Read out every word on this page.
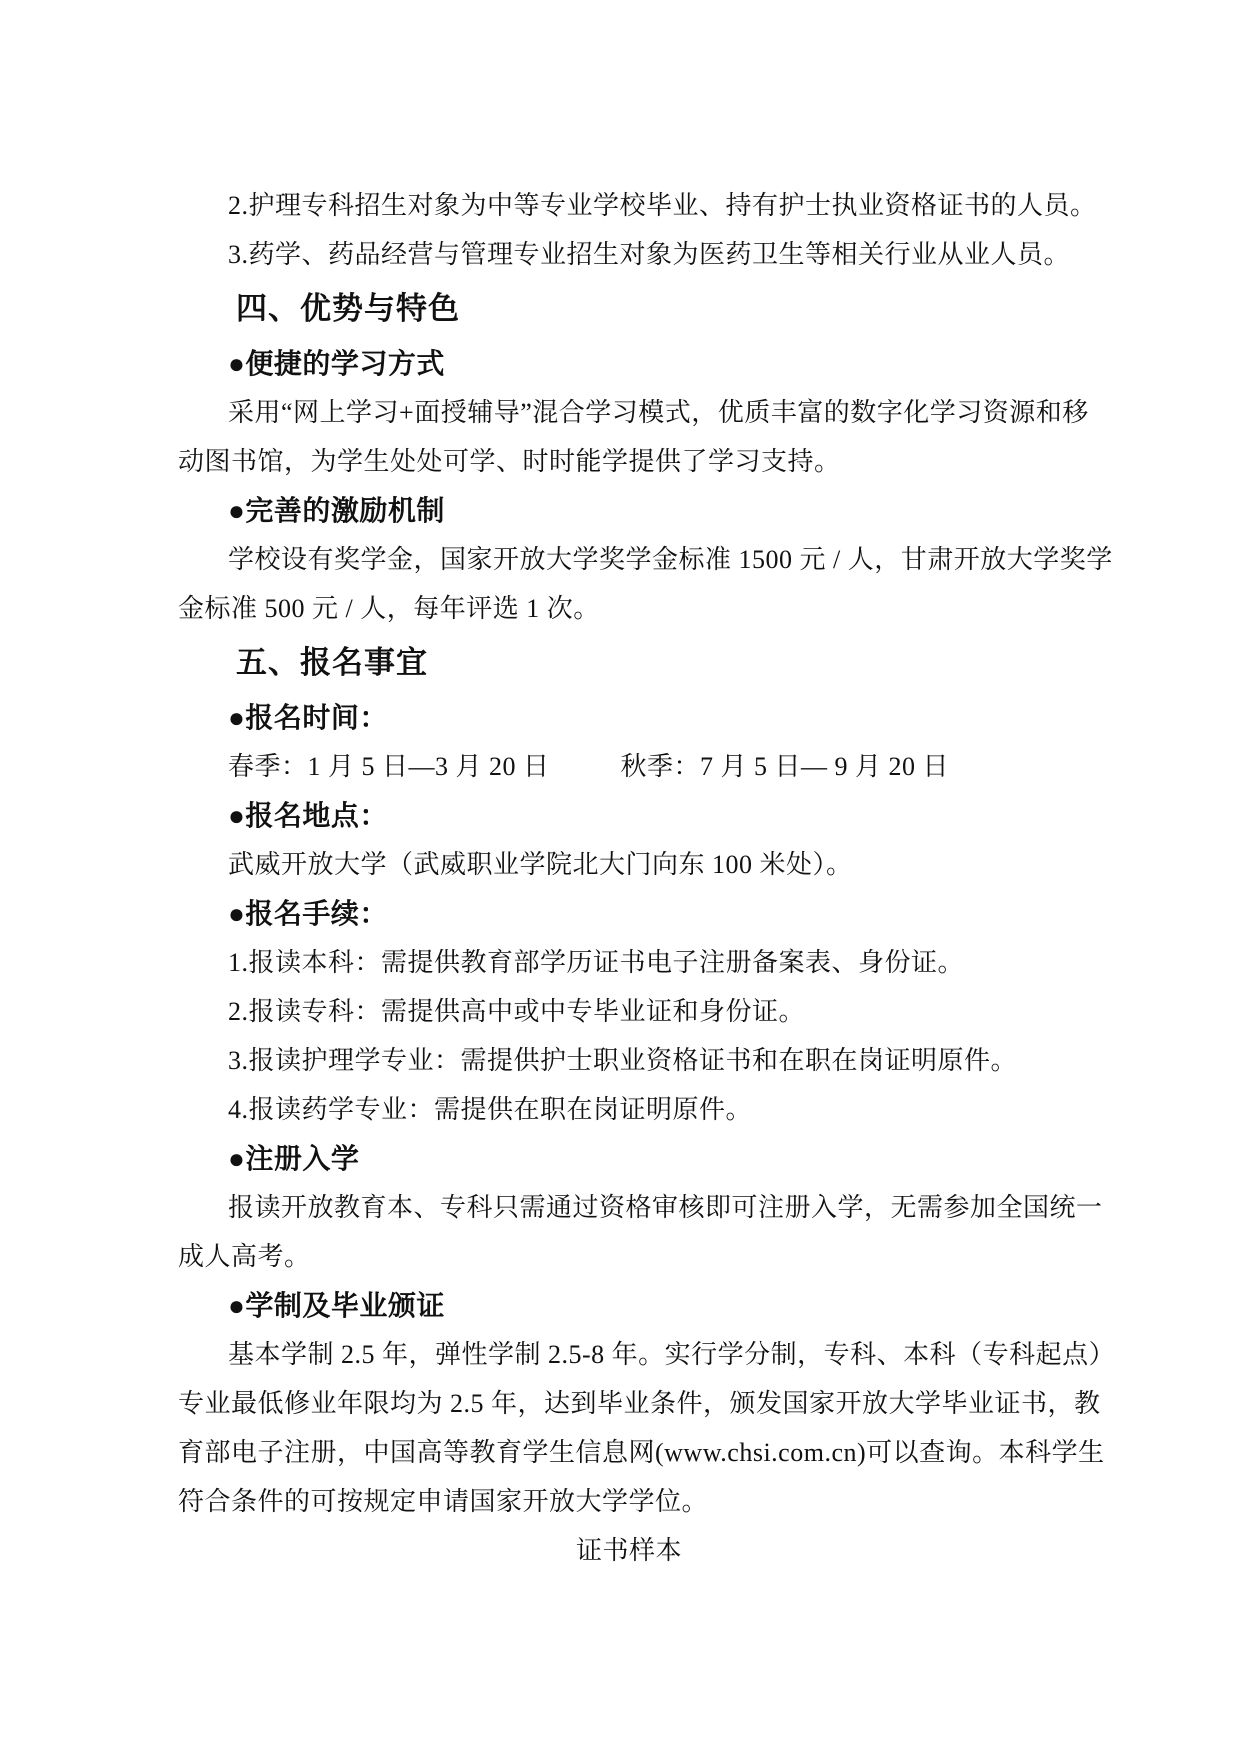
2.护理专科招生对象为中等专业学校毕业、持有护士执业资格证书的人员。
3.药学、药品经营与管理专业招生对象为医药卫生等相关行业从业人员。
四、优势与特色
●便捷的学习方式
采用“网上学习+面授辅导”混合学习模式，优质丰富的数字化学习资源和移
动图书馆，为学生处处可学、时时能学提供了学习支持。
●完善的激励机制
学校设有奖学金，国家开放大学奖学金标准 1500 元 / 人，甘肃开放大学奖学
金标准 500 元 / 人，每年评选 1 次。
五、报名事宜
●报名时间：
春季：1 月 5 日—3 月 20 日	秋季：7 月 5 日— 9 月 20 日
●报名地点：
武威开放大学（武威职业学院北大门向东 100 米处）。
●报名手续：
1.报读本科：需提供教育部学历证书电子注册备案表、身份证。
2.报读专科：需提供高中或中专毕业证和身份证。
3.报读护理学专业：需提供护士职业资格证书和在职在岗证明原件。
4.报读药学专业：需提供在职在岗证明原件。
●注册入学
报读开放教育本、专科只需通过资格审核即可注册入学，无需参加全国统一
成人高考。
●学制及毕业颁证
基本学制 2.5 年，弹性学制 2.5-8 年。实行学分制，专科、本科（专科起点）
专业最低修业年限均为 2.5 年，达到毕业条件，颁发国家开放大学毕业证书，教
育部电子注册，中国高等教育学生信息网(www.chsi.com.cn)可以查询。本科学生
符合条件的可按规定申请国家开放大学学位。
证书样本
